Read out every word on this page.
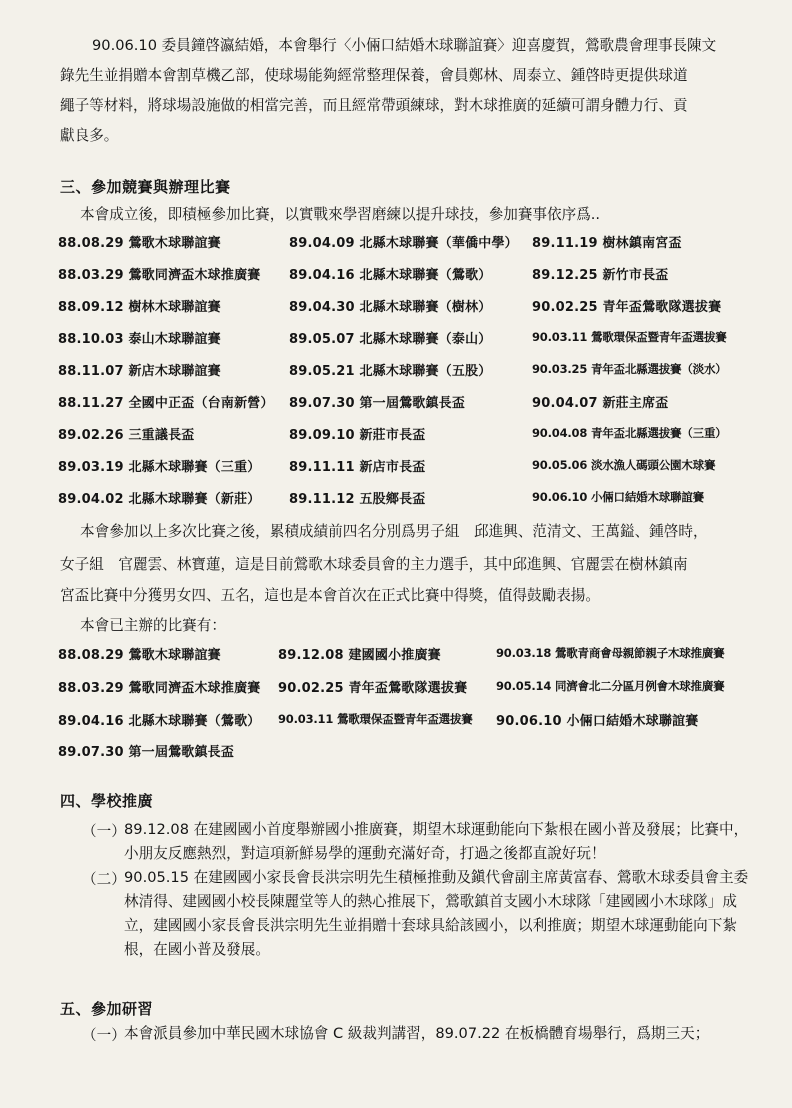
90.06.10 委員鐘啓瀛結婚，本會舉行〈小倆口結婚木球聯誼賽〉迎喜慶賀，鶯歌農會理事長陳文
錄先生並捐贈本會割草機乙部，使球場能夠經常整理保養，會員鄭林、周泰立、鍾啓時更提供球道
繩子等材料，將球場設施做的相當完善，而且經常帶頭練球，對木球推廣的延續可謂身體力行、貢
獻良多。
三、參加競賽與辦理比賽
本會成立後，即積極參加比賽，以實戰來學習磨練以提升球技，參加賽事依序爲..
88.08.29 鶯歌木球聯誼賽	89.04.09 北縣木球聯賽（華僑中學） 89.11.19 樹林鎮南宮盃
88.03.29 鶯歌同濟盃木球推廣賽 89.04.16 北縣木球聯賽（鶯歌）	89.12.25 新竹市長盃
88.09.12 樹林木球聯誼賽	89.04.30 北縣木球聯賽（樹林）	90.02.25 青年盃鶯歌隊選拔賽
88.10.03 泰山木球聯誼賽	89.05.07 北縣木球聯賽（泰山）	90.03.11 鶯歌環保盃暨青年盃選拔賽
88.11.07 新店木球聯誼賽	89.05.21 北縣木球聯賽（五股）	90.03.25 青年盃北縣選拔賽（淡水）
88.11.27 全國中正盃（台南新營） 89.07.30 第一屆鶯歌鎮長盃	90.04.07 新莊主席盃
89.02.26 三重議長盃	89.09.10 新莊市長盃	90.04.08 青年盃北縣選拔賽（三重）
89.03.19 北縣木球聯賽（三重） 89.11.11 新店市長盃	90.05.06 淡水漁人碼頭公園木球賽
89.04.02 北縣木球聯賽（新莊） 89.11.12 五股鄉長盃	90.06.10 小倆口結婚木球聯誼賽
本會參加以上多次比賽之後，累積成績前四名分別爲男子組　邱進興、范清文、王萬鎰、鍾啓時，
女子組　官麗雲、林寶蓮，這是目前鶯歌木球委員會的主力選手，其中邱進興、官麗雲在樹林鎮南
宮盃比賽中分獲男女四、五名，這也是本會首次在正式比賽中得獎，值得鼓勵表揚。
本會已主辦的比賽有：
88.08.29 鶯歌木球聯誼賽	89.12.08 建國國小推廣賽	90.03.18 鶯歌青商會母親節親子木球推廣賽
88.03.29 鶯歌同濟盃木球推廣賽 90.02.25 青年盃鶯歌隊選拔賽 90.05.14 同濟會北二分區月例會木球推廣賽
89.04.16 北縣木球聯賽（鶯歌） 90.03.11 鶯歌環保盃暨青年盃選拔賽 90.06.10 小倆口結婚木球聯誼賽
89.07.30 第一屆鶯歌鎮長盃
四、學校推廣
（一）
89.12.08 在建國國小首度舉辦國小推廣賽，期望木球運動能向下紮根在國小普及發展；比賽中，小朋友反應熱烈，對這項新鮮易學的運動充滿好奇，打過之後都直說好玩！
（二）
90.05.15 在建國國小家長會長洪宗明先生積極推動及鎭代會副主席黃富春、鶯歌木球委員會主委林清得、建國國小校長陳麗堂等人的熱心推展下，鶯歌鎮首支國小木球隊「建國國小木球隊」成立，建國國小家長會長洪宗明先生並捐贈十套球具給該國小，以利推廣；期望木球運動能向下紮根，在國小普及發展。
五、參加研習
（一）
本會派員參加中華民國木球協會 C 級裁判講習，89.07.22 在板橋體育場舉行，爲期三天；
